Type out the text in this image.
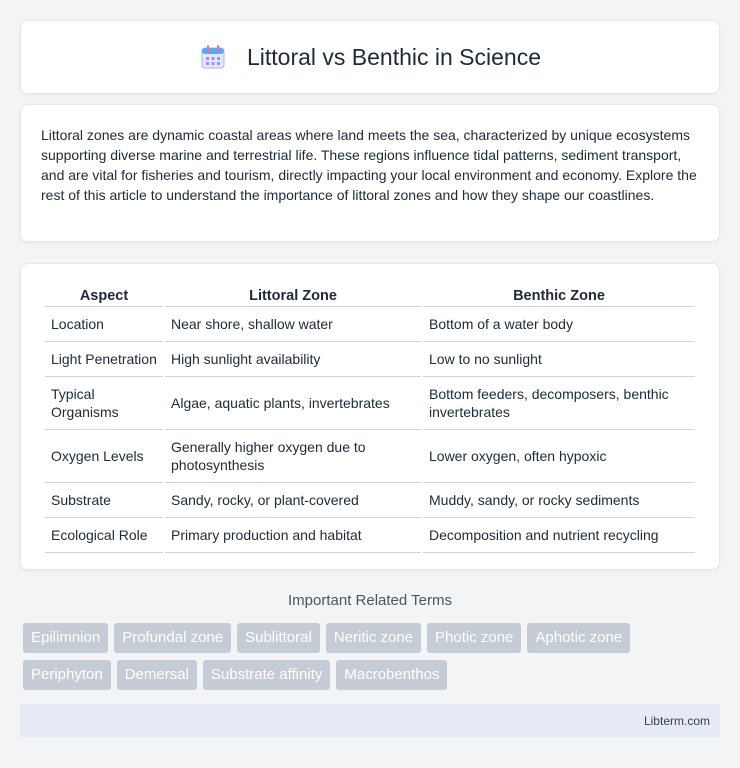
Littoral vs Benthic in Science

Littoral zones are dynamic coastal areas where land meets the sea, characterized by unique ecosystems supporting diverse marine and terrestrial life. These regions influence tidal patterns, sediment transport, and are vital for fisheries and tourism, directly impacting your local environment and economy. Explore the rest of this article to understand the importance of littoral zones and how they shape our coastlines.

Aspect	Littoral Zone	Benthic Zone
Location	Near shore, shallow water	Bottom of a water body
Light Penetration	High sunlight availability	Low to no sunlight
Typical Organisms	Algae, aquatic plants, invertebrates	Bottom feeders, decomposers, benthic invertebrates
Oxygen Levels	Generally higher oxygen due to photosynthesis	Lower oxygen, often hypoxic
Substrate	Sandy, rocky, or plant-covered	Muddy, sandy, or rocky sediments
Ecological Role	Primary production and habitat	Decomposition and nutrient recycling
Important Related Terms
Epilimnion	Profundal zone	Sublittoral	Neritic zone	Photic zone	Aphotic zone
Periphyton	Demersal	Substrate affinity	Macrobenthos
Libterm.com
